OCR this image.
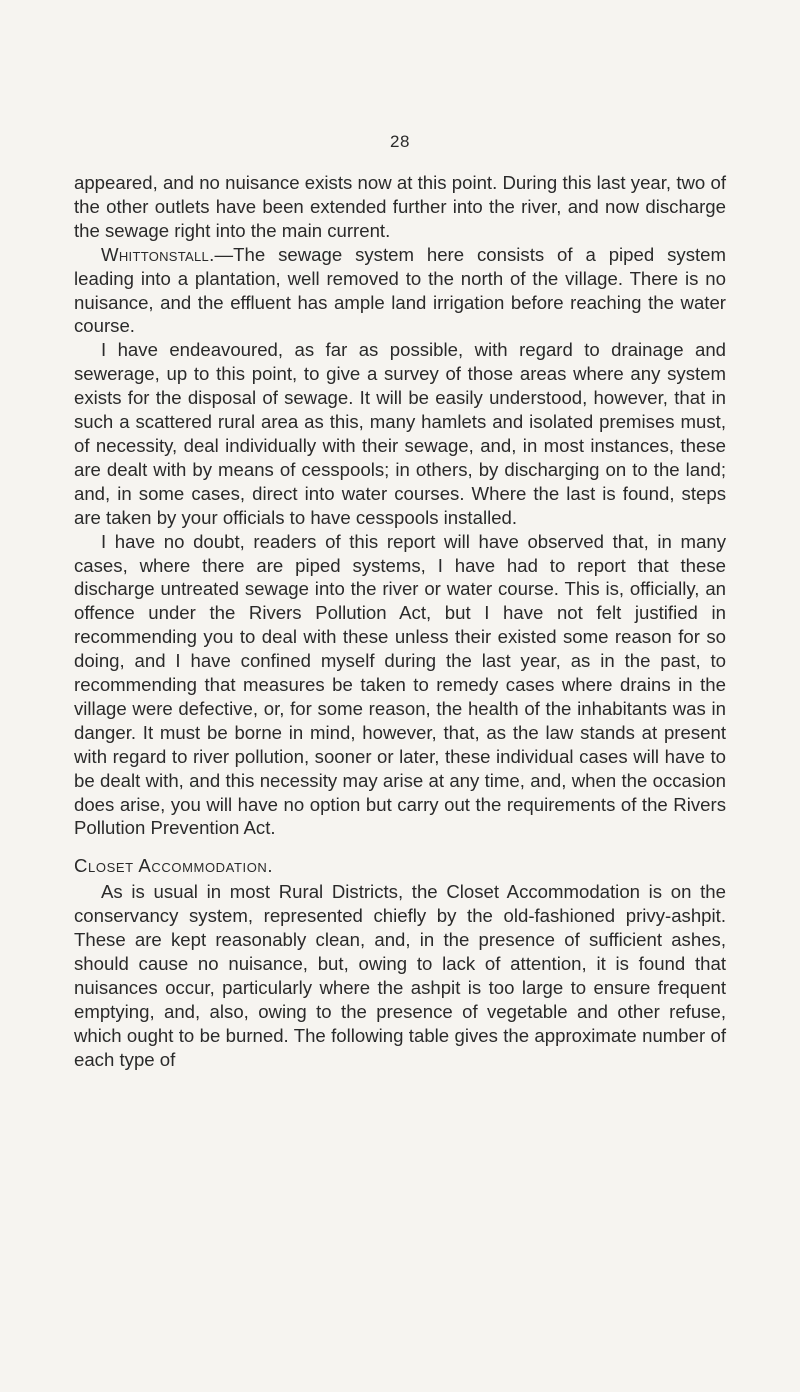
28

appeared, and no nuisance exists now at this point. During this last year, two of the other outlets have been extended further into the river, and now discharge the sewage right into the main current.

Whittonstall.—The sewage system here consists of a piped system leading into a plantation, well removed to the north of the village. There is no nuisance, and the effluent has ample land irrigation before reaching the water course.

I have endeavoured, as far as possible, with regard to drainage and sewerage, up to this point, to give a survey of those areas where any system exists for the disposal of sewage. It will be easily understood, however, that in such a scattered rural area as this, many hamlets and isolated premises must, of necessity, deal individually with their sewage, and, in most instances, these are dealt with by means of cesspools; in others, by discharging on to the land; and, in some cases, direct into water courses. Where the last is found, steps are taken by your officials to have cesspools installed.

I have no doubt, readers of this report will have observed that, in many cases, where there are piped systems, I have had to report that these discharge untreated sewage into the river or water course. This is, officially, an offence under the Rivers Pollution Act, but I have not felt justified in recommending you to deal with these unless their existed some reason for so doing, and I have confined myself during the last year, as in the past, to recommending that measures be taken to remedy cases where drains in the village were defective, or, for some reason, the health of the inhabitants was in danger. It must be borne in mind, however, that, as the law stands at present with regard to river pollution, sooner or later, these individual cases will have to be dealt with, and this necessity may arise at any time, and, when the occasion does arise, you will have no option but carry out the requirements of the Rivers Pollution Prevention Act.

Closet Accommodation.

As is usual in most Rural Districts, the Closet Accommodation is on the conservancy system, represented chiefly by the old-fashioned privy-ashpit. These are kept reasonably clean, and, in the presence of sufficient ashes, should cause no nuisance, but, owing to lack of attention, it is found that nuisances occur, particularly where the ashpit is too large to ensure frequent emptying, and, also, owing to the presence of vegetable and other refuse, which ought to be burned. The following table gives the approximate number of each type of
